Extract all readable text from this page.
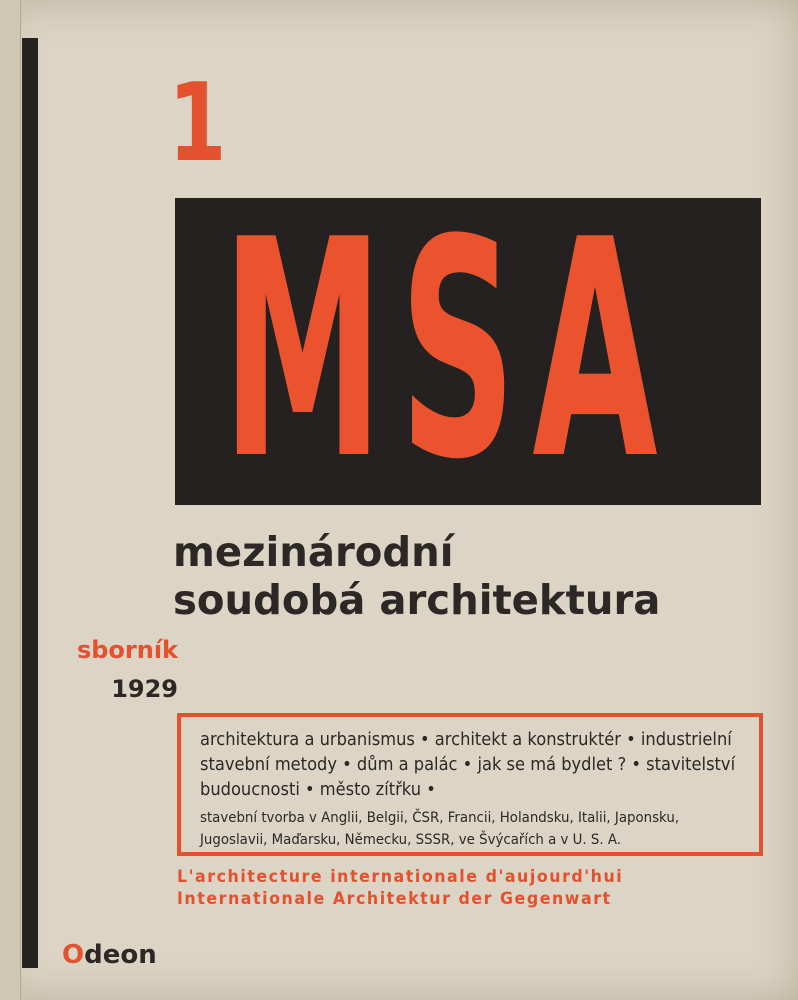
1
MSA
mezinárodní
soudobá architektura
sborník
1929
architektura a urbanismus • architekt a konstruktér • industrielní
stavební metody • dům a palác • jak se má bydlet ? • stavitelství
budoucnosti • město zítřku •
stavební tvorba v Anglii, Belgii, ČSR, Francii, Holandsku, Italii, Japonsku,
Jugoslavii, Maďarsku, Německu, SSSR, ve Švýcařích a v U. S. A.
L'architecture internationale d'aujourd'hui
Internationale Architektur der Gegenwart
Odeon
